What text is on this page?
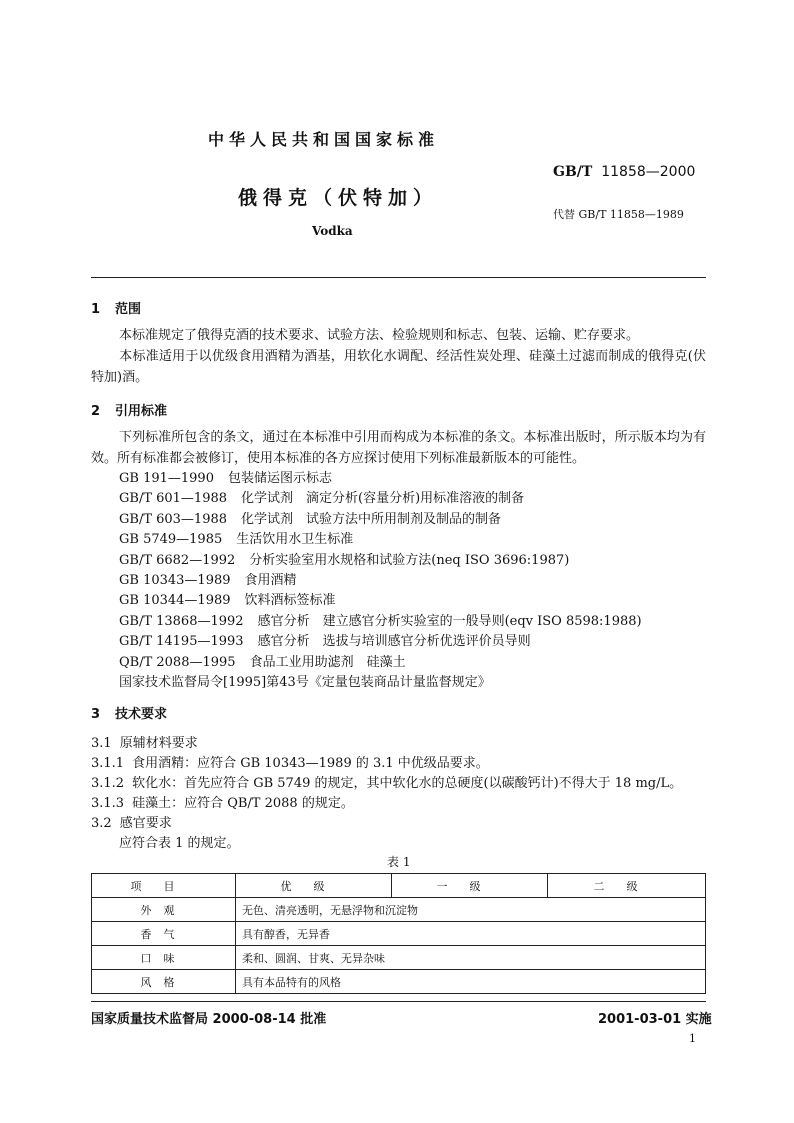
中华人民共和国国家标准
GB/T 11858—2000
俄得克（伏特加）
代替 GB/T 11858—1989
Vodka
1 范围
本标准规定了俄得克酒的技术要求、试验方法、检验规则和标志、包装、运输、贮存要求。
本标准适用于以优级食用酒精为酒基，用软化水调配、经活性炭处理、硅藻土过滤而制成的俄得克(伏特加)酒。
2 引用标准
下列标准所包含的条文，通过在本标准中引用而构成为本标准的条文。本标准出版时，所示版本均为有效。所有标准都会被修订，使用本标准的各方应探讨使用下列标准最新版本的可能性。
GB 191—1990 包装储运图示标志
GB/T 601—1988 化学试剂　滴定分析(容量分析)用标准溶液的制备
GB/T 603—1988 化学试剂　试验方法中所用制剂及制品的制备
GB 5749—1985 生活饮用水卫生标准
GB/T 6682—1992 分析实验室用水规格和试验方法(neq ISO 3696:1987)
GB 10343—1989 食用酒精
GB 10344—1989 饮料酒标签标准
GB/T 13868—1992 感官分析　建立感官分析实验室的一般导则(eqv ISO 8598:1988)
GB/T 14195—1993 感官分析　选拔与培训感官分析优选评价员导则
QB/T 2088—1995 食品工业用助滤剂　硅藻土
国家技术监督局令[1995]第43号《定量包装商品计量监督规定》
3 技术要求
3.1 原辅材料要求
3.1.1 食用酒精：应符合 GB 10343—1989 的 3.1 中优级品要求。
3.1.2 软化水：首先应符合 GB 5749 的规定，其中软化水的总硬度(以碳酸钙计)不得大于 18 mg/L。
3.1.3 硅藻土：应符合 QB/T 2088 的规定。
3.2 感官要求
应符合表 1 的规定。
表 1
项目	优级	一级	二级
外观	无色、清亮透明，无悬浮物和沉淀物		
香气	具有醇香，无异香		
口味	柔和、圆润、甘爽、无异杂味		
风格	具有本品特有的风格		
国家质量技术监督局 2000-08-14 批准	2001-03-01 实施
1
